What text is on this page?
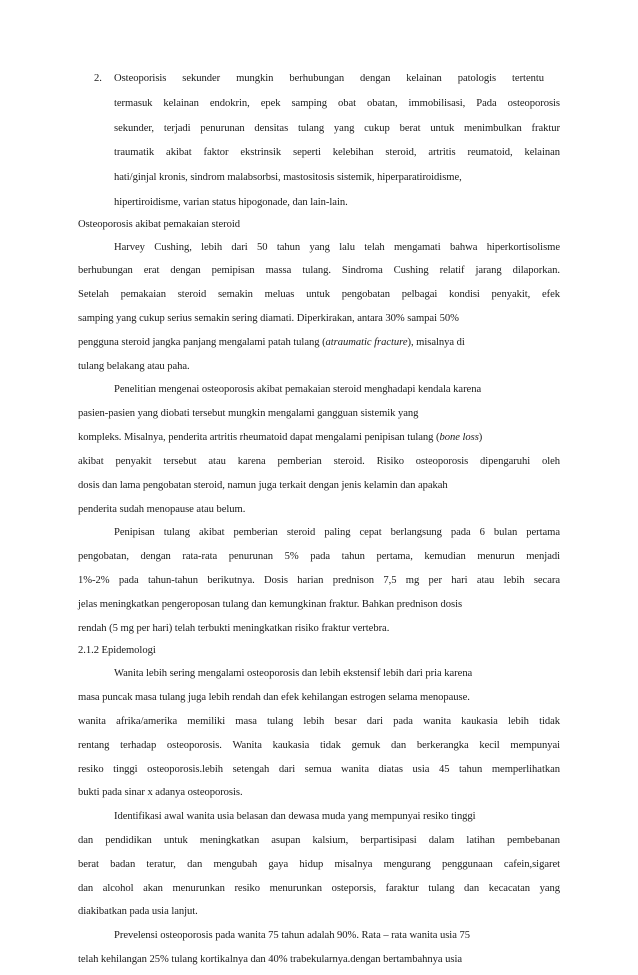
2. Osteoporisis sekunder mungkin berhubungan dengan kelainan patologis tertentu
termasuk kelainan endokrin, epek samping obat obatan, immobilisasi, Pada osteoporosis
sekunder, terjadi penurunan densitas tulang yang cukup berat untuk menimbulkan fraktur
traumatik akibat faktor ekstrinsik seperti kelebihan steroid, artritis reumatoid, kelainan
hati/ginjal kronis, sindrom malabsorbsi, mastositosis sistemik, hiperparatiroidisme,
hipertiroidisme, varian status hipogonade, dan lain-lain.
Osteoporosis akibat pemakaian steroid
Harvey Cushing, lebih dari 50 tahun yang lalu telah mengamati bahwa hiperkortisolisme
berhubungan erat dengan pemipisan massa tulang. Sindroma Cushing relatif jarang dilaporkan.
Setelah pemakaian steroid semakin meluas untuk pengobatan pelbagai kondisi penyakit, efek
samping yang cukup serius semakin sering diamati. Diperkirakan, antara 30% sampai 50%
pengguna steroid jangka panjang mengalami patah tulang (atraumatic fracture), misalnya di
tulang belakang atau paha.
Penelitian mengenai osteoporosis akibat pemakaian steroid menghadapi kendala karena
pasien-pasien yang diobati tersebut mungkin mengalami gangguan sistemik yang
kompleks. Misalnya, penderita artritis rheumatoid dapat mengalami penipisan tulang (bone loss)
akibat penyakit tersebut atau karena pemberian steroid. Risiko osteoporosis dipengaruhi oleh
dosis dan lama pengobatan steroid, namun juga terkait dengan jenis kelamin dan apakah
penderita sudah menopause atau belum.
Penipisan tulang akibat pemberian steroid paling cepat berlangsung pada 6 bulan pertama
pengobatan, dengan rata-rata penurunan 5% pada tahun pertama, kemudian menurun menjadi
1%-2% pada tahun-tahun berikutnya. Dosis harian prednison 7,5 mg per hari atau lebih secara
jelas meningkatkan pengeroposan tulang dan kemungkinan fraktur. Bahkan prednison dosis
rendah (5 mg per hari) telah terbukti meningkatkan risiko fraktur vertebra.
2.1.2 Epidemologi
Wanita lebih sering mengalami osteoporosis dan lebih ekstensif lebih dari pria karena
masa puncak masa tulang juga lebih rendah dan efek kehilangan estrogen selama menopause.
wanita afrika/amerika memiliki masa tulang lebih besar dari pada wanita kaukasia lebih tidak
rentang terhadap osteoporosis. Wanita kaukasia tidak gemuk dan berkerangka kecil mempunyai
resiko tinggi osteoporosis.lebih setengah dari semua wanita diatas usia 45 tahun memperlihatkan
bukti pada sinar x adanya osteoporosis.
Identifikasi awal wanita usia belasan dan dewasa muda yang mempunyai resiko tinggi
dan pendidikan untuk meningkatkan asupan kalsium, berpartisipasi dalam latihan pembebanan
berat badan teratur, dan mengubah gaya hidup misalnya mengurang penggunaan cafein,sigaret
dan alcohol akan menurunkan resiko menurunkan osteporsis, faraktur tulang dan kecacatan yang
diakibatkan pada usia lanjut.
Prevelensi osteoporosis pada wanita 75 tahun adalah 90%. Rata – rata wanita usia 75
telah kehilangan 25% tulang kortikalnya dan 40% trabekularnya.dengan bertambahnya usia
